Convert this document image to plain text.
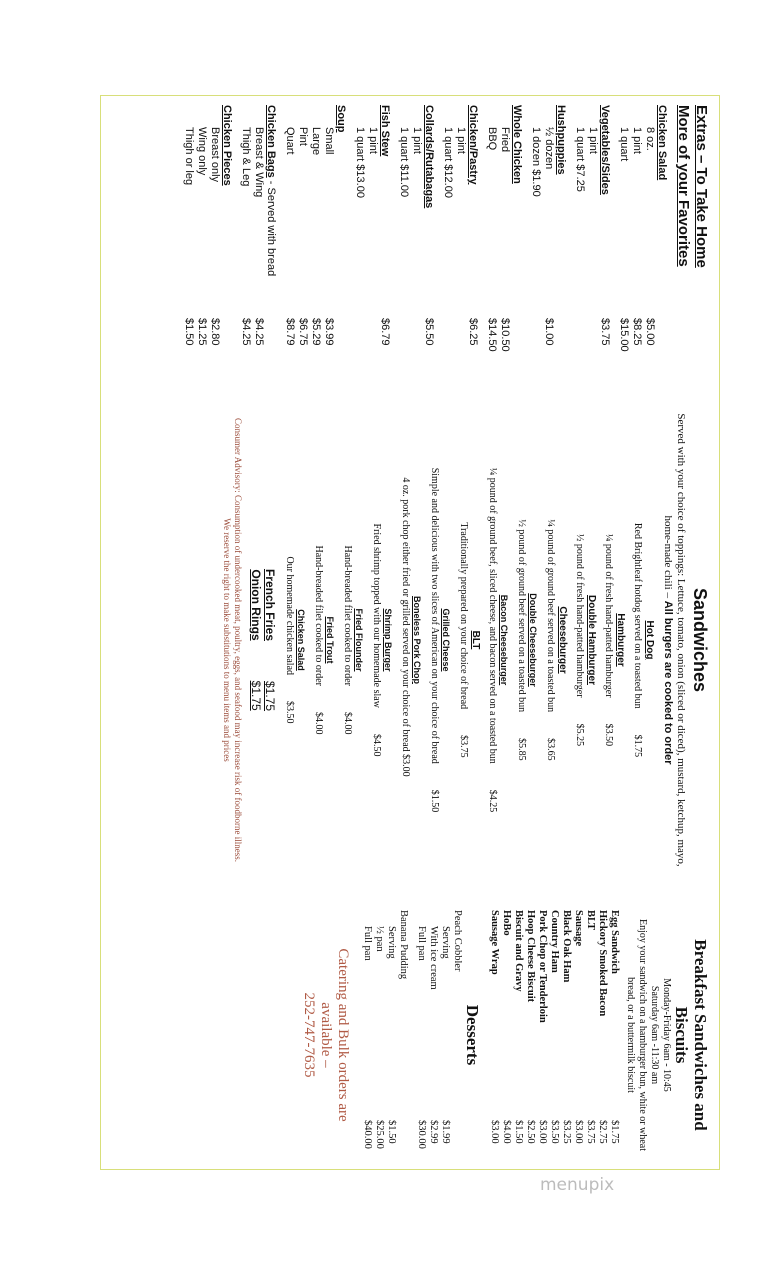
Extras – To Take Home
More of your Favorites
Chicken Salad
8 oz.
$5.00
1 pint
$8.25
1 quart
$15.00
Vegetables/Sides
$3.75
1 pint
1 quart $7.25
Hushpuppies
½ dozen
$1.00
1 dozen $1.90
Whole Chicken
Fried
$10.50
BBQ
$14.50
Chicken/Pastry
$6.25
1 pint
1 quart $12.00
Collards/Rutabagas
$5.50
1 pint
1 quart $11.00
Fish Stew
$6.79
1 pint
1 quart $13.00
Soup
Small
$3.99
Large
$5.29
Pint
$6.75
Quart
$8.79
Chicken Bags - Served with bread
Breast & Wing
$4.25
Thigh & Leg
$4.25
Chicken Pieces
Breast only
$2.80
Wing only
$1.25
Thigh or leg
$1.50
Sandwiches
Served with your choice of toppings: Lettuce, tomato, onion (sliced or diced), mustard, ketchup, mayo, home-made chili – All burgers are cooked to order
Hot Dog
Red Brightleaf hotdog served on a toasted bun$1.75
Hamburger
¼ pound of fresh hand-patted hamburger$3.50
Double Hamburger
½ pound of fresh hand-patted hamburger$5.25
Cheeseburger
¼ pound of ground beef served on a toasted bun$3.65
Double Cheeseburger
½ pound of ground beef served on a toasted bun$5.85
Bacon Cheeseburger
¼ pound of ground beef, sliced cheese, and bacon served on a toasted bun$4.25
BLT
Traditionally prepared on your choice of bread$3.75
Grilled Cheese
Simple and delicious with two slices of American on your choice of bread$1.50
Boneless Pork Chop
4 oz. pork chop either fried or grilled served on your choice of bread $3.00
Shrimp Burger
Fried shrimp topped with our homemade slaw$4.50
Fried Flounder
Hand-breaded filet cooked to order$4.00
Fried Trout
Hand-breaded filet cooked to order$4.00
Chicken Salad
Our homemade chicken salad$3.50
French Fries$1.75
Onion Rings$1.75
Consumer Advisory: Consumption of undercooked meat, poultry, eggs, and seafood may increase risk of foodborne illness.
We reserve the right to make substitutions to menu items and prices
Breakfast Sandwiches and Biscuits
Monday-Friday 6am - 10:45
Saturday 6am -11:30 am
Enjoy your sandwich on a hamburger bun, white or wheat bread, or a buttermilk biscuit
Egg Sandwich
$1.75
Hickory Smoked Bacon
$2.75
BLT
$3.75
Sausage
$3.00
Black Oak Ham
$3.25
Country Ham
$3.50
Pork Chop or Tenderloin
$3.00
Hoop Cheese Biscuit
$2.50
Biscuit and Gravy
$1.50
HoBo
$4.00
Sausage Wrap
$3.00
Desserts
Peach Cobbler
Serving
$1.99
With ice cream
$2.99
Full pan
$30.00
Banana Pudding
Serving
$1.50
½ pan
$25.00
Full pan
$40.00
Catering and Bulk orders are
available –
252-747-7635
menupix
